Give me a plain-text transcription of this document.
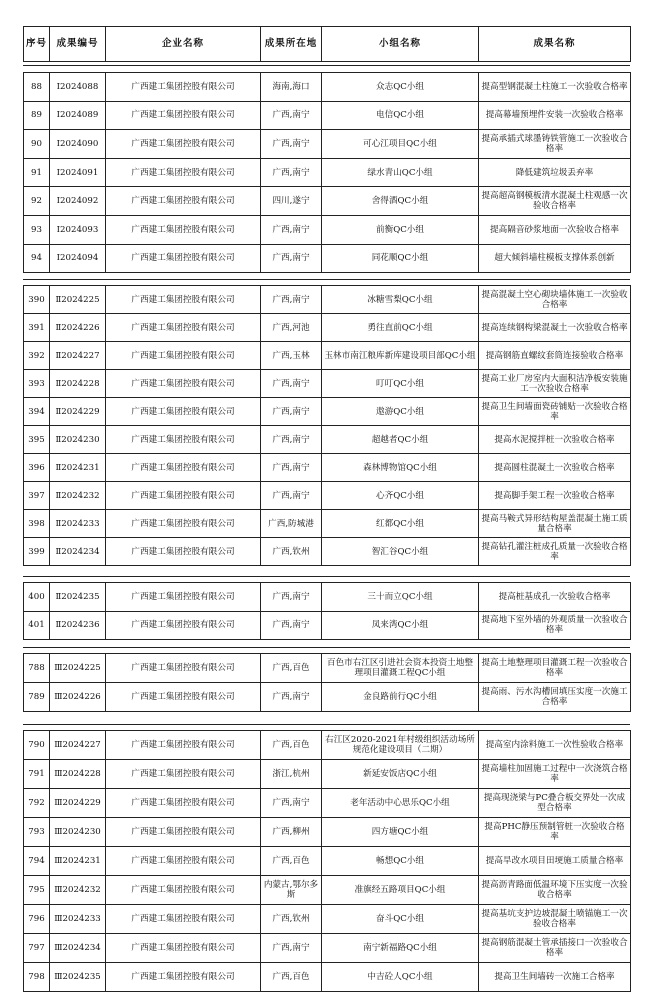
序号	成果编号	企业名称	成果所在地	小组名称	成果名称
88	Ⅰ2024088	广西建工集团控股有限公司	海南,海口	众志QC小组	提高型钢混凝土柱施工一次验收合格率
89	Ⅰ2024089	广西建工集团控股有限公司	广西,南宁	电信QC小组	提高幕墙预埋件安装一次验收合格率
90	Ⅰ2024090	广西建工集团控股有限公司	广西,南宁	可心江项目QC小组	提高承插式球墨铸铁管施工一次验收合格率
91	Ⅰ2024091	广西建工集团控股有限公司	广西,南宁	绿水青山QC小组	降低建筑垃圾丢弃率
92	Ⅰ2024092	广西建工集团控股有限公司	四川,遂宁	舍得酒QC小组	提高超高钢模板清水混凝土柱观感一次验收合格率
93	Ⅰ2024093	广西建工集团控股有限公司	广西,南宁	前衡QC小组	提高隔音砂浆地面一次验收合格率
94	Ⅰ2024094	广西建工集团控股有限公司	广西,南宁	同花顺QC小组	超大倾斜墙柱模板支撑体系创新
390	Ⅱ2024225	广西建工集团控股有限公司	广西,南宁	冰糖雪梨QC小组	提高混凝土空心砌块墙体施工一次验收合格率
391	Ⅱ2024226	广西建工集团控股有限公司	广西,河池	勇往直前QC小组	提高连续钢构梁混凝土一次验收合格率
392	Ⅱ2024227	广西建工集团控股有限公司	广西,玉林	玉林市南江粮库新库建设项目部QC小组	提高钢筋直螺纹套筒连接验收合格率
393	Ⅱ2024228	广西建工集团控股有限公司	广西,南宁	叮叮QC小组	提高工业厂房室内大面积洁净板安装施工一次验收合格率
394	Ⅱ2024229	广西建工集团控股有限公司	广西,南宁	遨游QC小组	提高卫生间墙面瓷砖铺贴一次验收合格率
395	Ⅱ2024230	广西建工集团控股有限公司	广西,南宁	超越者QC小组	提高水泥搅拌桩一次验收合格率
396	Ⅱ2024231	广西建工集团控股有限公司	广西,南宁	森林博物馆QC小组	提高圆柱混凝土一次验收合格率
397	Ⅱ2024232	广西建工集团控股有限公司	广西,南宁	心齐QC小组	提高脚手架工程一次验收合格率
398	Ⅱ2024233	广西建工集团控股有限公司	广西,防城港	红都QC小组	提高马鞍式异形结构屋盖混凝土施工质量合格率
399	Ⅱ2024234	广西建工集团控股有限公司	广西,钦州	智汇谷QC小组	提高钻孔灌注桩成孔质量一次验收合格率
400	Ⅱ2024235	广西建工集团控股有限公司	广西,南宁	三十而立QC小组	提高桩基成孔一次验收合格率
401	Ⅱ2024236	广西建工集团控股有限公司	广西,南宁	凤来湾QC小组	提高地下室外墙的外观质量一次验收合格率
788	Ⅲ2024225	广西建工集团控股有限公司	广西,百色	百色市右江区引进社会资本投资土地整理项目灌溉工程QC小组	提高土地整理项目灌溉工程一次验收合格率
789	Ⅲ2024226	广西建工集团控股有限公司	广西,南宁	金良路前行QC小组	提高雨、污水沟槽回填压实度一次施工合格率
790	Ⅲ2024227	广西建工集团控股有限公司	广西,百色	右江区2020-2021年村级组织活动场所规范化建设项目（二期）	提高室内涂料施工一次性验收合格率
791	Ⅲ2024228	广西建工集团控股有限公司	浙江,杭州	新延安饭店QC小组	提高墙柱加固施工过程中一次浇筑合格率
792	Ⅲ2024229	广西建工集团控股有限公司	广西,南宁	老年活动中心思乐QC小组	提高现浇梁与PC叠合板交界处一次成型合格率
793	Ⅲ2024230	广西建工集团控股有限公司	广西,柳州	四方塘QC小组	提高PHC静压预制管桩一次验收合格率
794	Ⅲ2024231	广西建工集团控股有限公司	广西,百色	畅想QC小组	提高旱改水项目田埂施工质量合格率
795	Ⅲ2024232	广西建工集团控股有限公司	内蒙古,鄂尔多斯	准旗经五路项目QC小组	提高沥青路面低温环境下压实度一次验收合格率
796	Ⅲ2024233	广西建工集团控股有限公司	广西,钦州	奋斗QC小组	提高基坑支护边坡混凝土喷锚施工一次验收合格率
797	Ⅲ2024234	广西建工集团控股有限公司	广西,南宁	南宁新福路QC小组	提高钢筋混凝土管承插接口一次验收合格率
798	Ⅲ2024235	广西建工集团控股有限公司	广西,百色	中吉砼人QC小组	提高卫生间墙砖一次施工合格率
